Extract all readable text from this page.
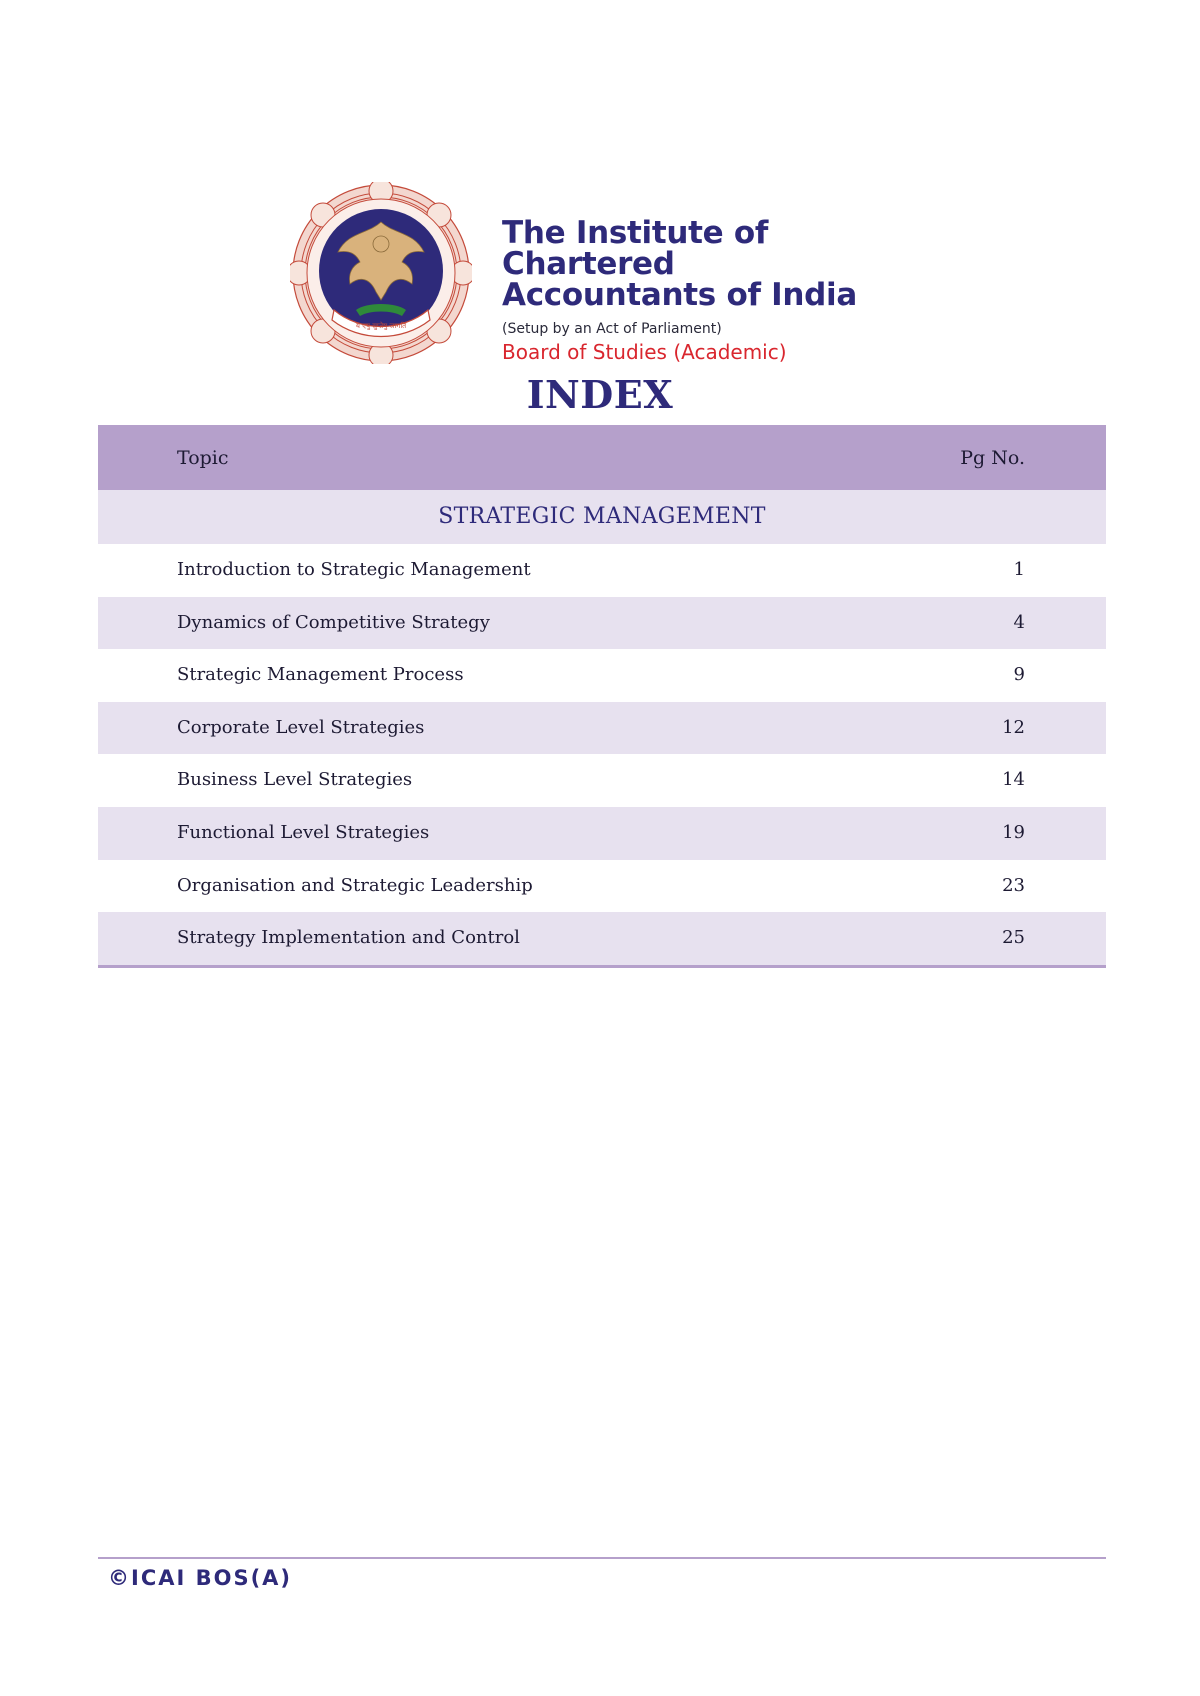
य एषु सुप्तेषु जागर्ति
The Institute of Chartered
Accountants of India
(Setup by an Act of Parliament)
Board of Studies (Academic)
INDEX
Topic	Pg No.
STRATEGIC MANAGEMENT
Introduction to Strategic Management	1
Dynamics of Competitive Strategy	4
Strategic Management Process	9
Corporate Level Strategies	12
Business Level Strategies	14
Functional Level Strategies	19
Organisation and Strategic Leadership	23
Strategy Implementation and Control	25
©ICAI BOS(A)
